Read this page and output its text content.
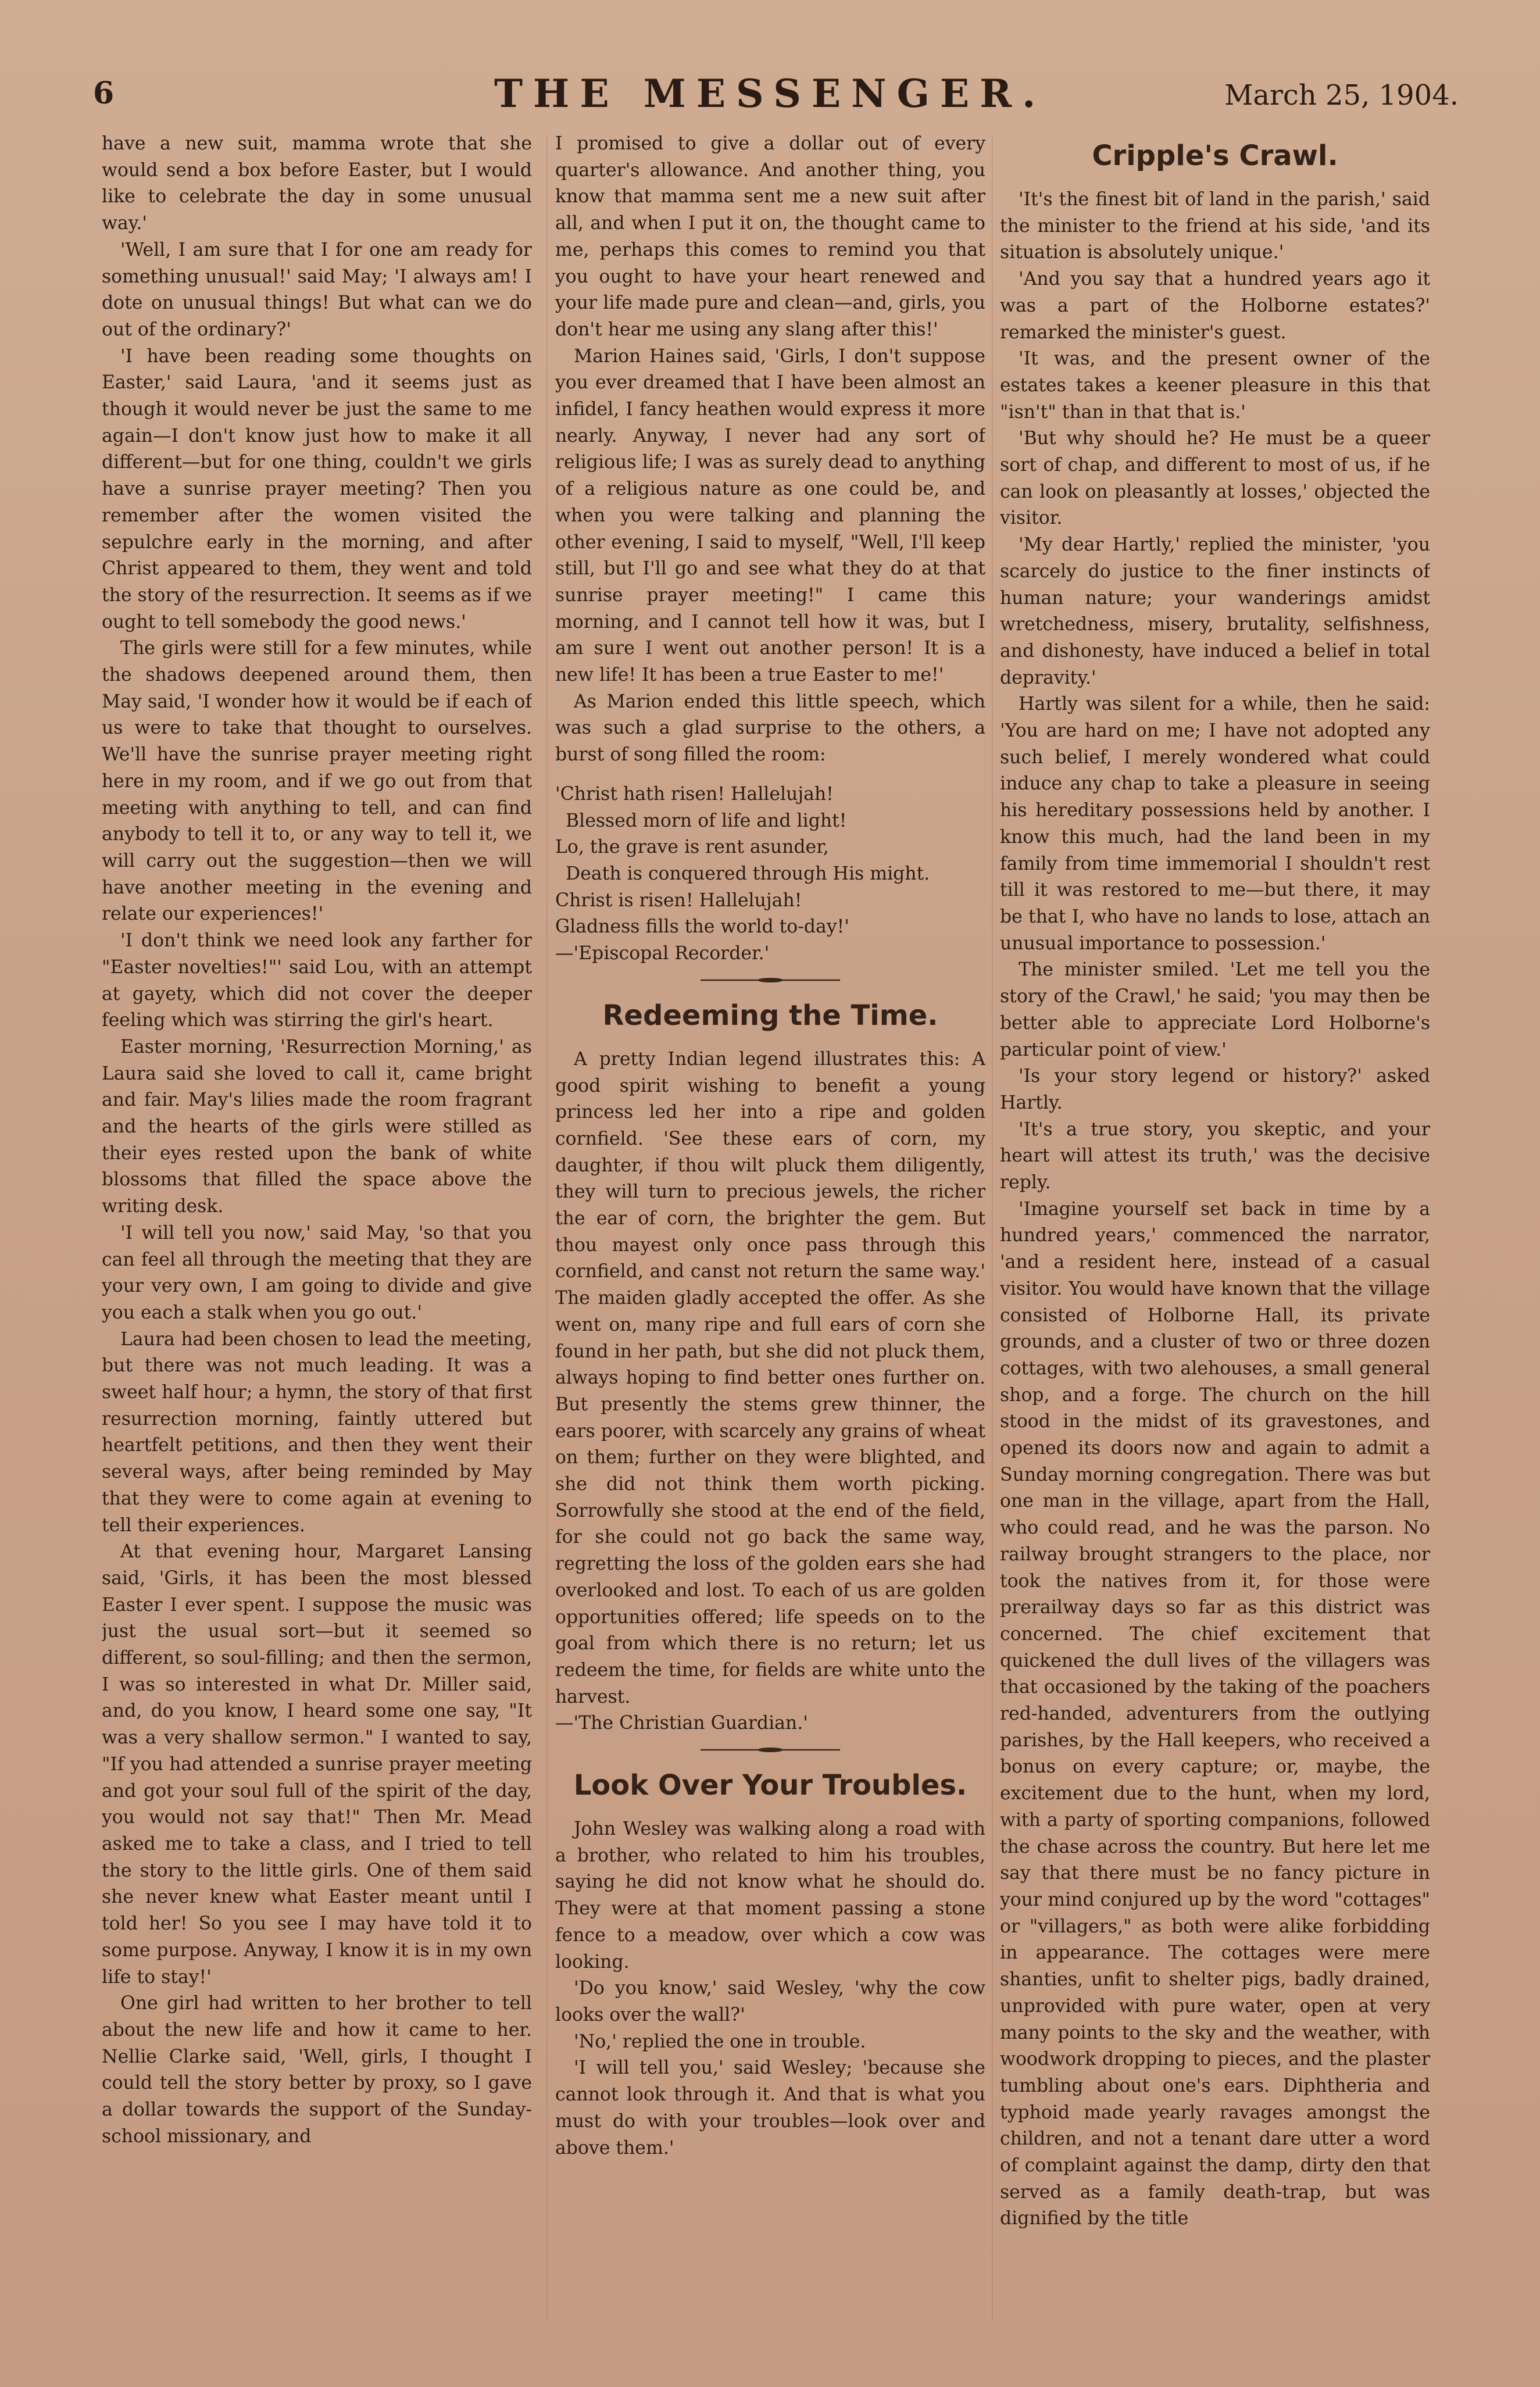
6	THE MESSENGER.	March 25, 1904.

have a new suit, mamma wrote that she would send a box before Easter, but I would like to celebrate the day in some unusual way.'

'Well, I am sure that I for one am ready for something unusual!' said May; 'I always am! I dote on unusual things! But what can we do out of the ordinary?'

'I have been reading some thoughts on Easter,' said Laura, 'and it seems just as though it would never be just the same to me again—I don't know just how to make it all different—but for one thing, couldn't we girls have a sunrise prayer meeting? Then you remember after the women visited the sepulchre early in the morning, and after Christ appeared to them, they went and told the story of the resurrection. It seems as if we ought to tell somebody the good news.'

The girls were still for a few minutes, while the shadows deepened around them, then May said, 'I wonder how it would be if each of us were to take that thought to ourselves. We'll have the sunrise prayer meeting right here in my room, and if we go out from that meeting with anything to tell, and can find anybody to tell it to, or any way to tell it, we will carry out the suggestion—then we will have another meeting in the evening and relate our experiences!'

'I don't think we need look any farther for "Easter novelties!"' said Lou, with an attempt at gayety, which did not cover the deeper feeling which was stirring the girl's heart.

Easter morning, 'Resurrection Morning,' as Laura said she loved to call it, came bright and fair. May's lilies made the room fragrant and the hearts of the girls were stilled as their eyes rested upon the bank of white blossoms that filled the space above the writing desk.

'I will tell you now,' said May, 'so that you can feel all through the meeting that they are your very own, I am going to divide and give you each a stalk when you go out.'

Laura had been chosen to lead the meeting, but there was not much leading. It was a sweet half hour; a hymn, the story of that first resurrection morning, faintly uttered but heartfelt petitions, and then they went their several ways, after being reminded by May that they were to come again at evening to tell their experiences.

At that evening hour, Margaret Lansing said, 'Girls, it has been the most blessed Easter I ever spent. I suppose the music was just the usual sort—but it seemed so different, so soul-filling; and then the sermon, I was so interested in what Dr. Miller said, and, do you know, I heard some one say, "It was a very shallow sermon." I wanted to say, "If you had attended a sunrise prayer meeting and got your soul full of the spirit of the day, you would not say that!" Then Mr. Mead asked me to take a class, and I tried to tell the story to the little girls. One of them said she never knew what Easter meant until I told her! So you see I may have told it to some purpose. Anyway, I know it is in my own life to stay!'

One girl had written to her brother to tell about the new life and how it came to her. Nellie Clarke said, 'Well, girls, I thought I could tell the story better by proxy, so I gave a dollar towards the support of the Sunday-school missionary, and

I promised to give a dollar out of every quarter's allowance. And another thing, you know that mamma sent me a new suit after all, and when I put it on, the thought came to me, perhaps this comes to remind you that you ought to have your heart renewed and your life made pure and clean—and, girls, you don't hear me using any slang after this!'

Marion Haines said, 'Girls, I don't suppose you ever dreamed that I have been almost an infidel, I fancy heathen would express it more nearly. Anyway, I never had any sort of religious life; I was as surely dead to anything of a religious nature as one could be, and when you were talking and planning the other evening, I said to myself, "Well, I'll keep still, but I'll go and see what they do at that sunrise prayer meeting!" I came this morning, and I cannot tell how it was, but I am sure I went out another person! It is a new life! It has been a true Easter to me!'

As Marion ended this little speech, which was such a glad surprise to the others, a burst of song filled the room:

'Christ hath risen! Hallelujah!

Blessed morn of life and light!

Lo, the grave is rent asunder,

Death is conquered through His might.

Christ is risen! Hallelujah!

Gladness fills the world to-day!'

—'Episcopal Recorder.'

Redeeming the Time.

A pretty Indian legend illustrates this: A good spirit wishing to benefit a young princess led her into a ripe and golden cornfield. 'See these ears of corn, my daughter, if thou wilt pluck them diligently, they will turn to precious jewels, the richer the ear of corn, the brighter the gem. But thou mayest only once pass through this cornfield, and canst not return the same way.' The maiden gladly accepted the offer. As she went on, many ripe and full ears of corn she found in her path, but she did not pluck them, always hoping to find better ones further on. But presently the stems grew thinner, the ears poorer, with scarcely any grains of wheat on them; further on they were blighted, and she did not think them worth picking. Sorrowfully she stood at the end of the field, for she could not go back the same way, regretting the loss of the golden ears she had overlooked and lost. To each of us are golden opportunities offered; life speeds on to the goal from which there is no return; let us redeem the time, for fields are white unto the harvest.

—'The Christian Guardian.'

Look Over Your Troubles.

John Wesley was walking along a road with a brother, who related to him his troubles, saying he did not know what he should do. They were at that moment passing a stone fence to a meadow, over which a cow was looking.

'Do you know,' said Wesley, 'why the cow looks over the wall?'

'No,' replied the one in trouble.

'I will tell you,' said Wesley; 'because she cannot look through it. And that is what you must do with your troubles—look over and above them.'

Cripple's Crawl.

'It's the finest bit of land in the parish,' said the minister to the friend at his side, 'and its situation is absolutely unique.'

'And you say that a hundred years ago it was a part of the Holborne estates?' remarked the minister's guest.

'It was, and the present owner of the estates takes a keener pleasure in this that "isn't" than in that that is.'

'But why should he? He must be a queer sort of chap, and different to most of us, if he can look on pleasantly at losses,' objected the visitor.

'My dear Hartly,' replied the minister, 'you scarcely do justice to the finer instincts of human nature; your wanderings amidst wretchedness, misery, brutality, selfishness, and dishonesty, have induced a belief in total depravity.'

Hartly was silent for a while, then he said: 'You are hard on me; I have not adopted any such belief, I merely wondered what could induce any chap to take a pleasure in seeing his hereditary possessions held by another. I know this much, had the land been in my family from time immemorial I shouldn't rest till it was restored to me—but there, it may be that I, who have no lands to lose, attach an unusual importance to possession.'

The minister smiled. 'Let me tell you the story of the Crawl,' he said; 'you may then be better able to appreciate Lord Holborne's particular point of view.'

'Is your story legend or history?' asked Hartly.

'It's a true story, you skeptic, and your heart will attest its truth,' was the decisive reply.

'Imagine yourself set back in time by a hundred years,' commenced the narrator, 'and a resident here, instead of a casual visitor. You would have known that the village consisted of Holborne Hall, its private grounds, and a cluster of two or three dozen cottages, with two alehouses, a small general shop, and a forge. The church on the hill stood in the midst of its gravestones, and opened its doors now and again to admit a Sunday morning congregation. There was but one man in the village, apart from the Hall, who could read, and he was the parson. No railway brought strangers to the place, nor took the natives from it, for those were prerailway days so far as this district was concerned. The chief excitement that quickened the dull lives of the villagers was that occasioned by the taking of the poachers red-handed, adventurers from the outlying parishes, by the Hall keepers, who received a bonus on every capture; or, maybe, the excitement due to the hunt, when my lord, with a party of sporting companions, followed the chase across the country. But here let me say that there must be no fancy picture in your mind conjured up by the word "cottages" or "villagers," as both were alike forbidding in appearance. The cottages were mere shanties, unfit to shelter pigs, badly drained, unprovided with pure water, open at very many points to the sky and the weather, with woodwork dropping to pieces, and the plaster tumbling about one's ears. Diphtheria and typhoid made yearly ravages amongst the children, and not a tenant dare utter a word of complaint against the damp, dirty den that served as a family death-trap, but was dignified by the title
